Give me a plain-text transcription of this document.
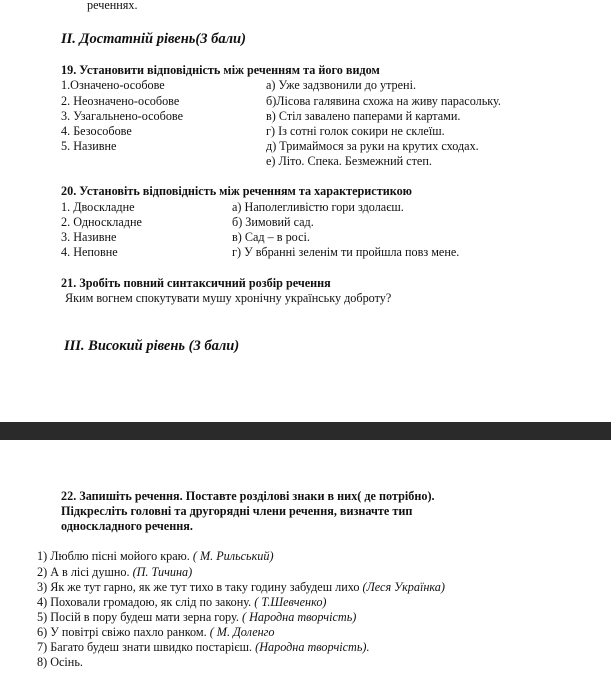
реченнях.
ІІ. Достатній рівень(3 бали)
19. Установити відповідність між реченням та його видом
1.Означено-особове
2. Неозначено-особове
3. Узагальнено-особове
4. Безособове
5. Називне
а) Уже задзвонили до утрені.
б)Лісова галявина схожа на живу парасольку.
в) Стіл завалено паперами й картами.
г) Із сотні голок сокири не склеїш.
д) Тримаймося за руки на крутих сходах.
е) Літо. Спека. Безмежний степ.
20. Установіть відповідність між реченням та характеристикою
1. Двоскладне
2. Односкладне
3. Називне
4. Неповне
а) Наполегливістю гори здолаєш.
б) Зимовий сад.
в) Сад – в росі.
г) У вбранні зеленім ти пройшла повз мене.
21. Зробіть повний синтаксичний розбір речення
Яким вогнем спокутувати мушу хронічну українську доброту?
ІІІ. Високий рівень (3 бали)
22. Запишіть речення. Поставте розділові знаки в них( де потрібно).
Підкресліть головні та другорядні члени речення, визначте тип
односкладного речення.
1) Люблю пісні мойого краю. ( М. Рильський)
2) А в лісі душно. (П. Тичина)
3) Як же тут гарно, як же тут тихо в таку годину забудеш лихо (Леся Українка)
4) Поховали громадою, як слід по закону. ( Т.Шевченко)
5) Посій в пору будеш мати зерна гору. ( Народна творчість)
6) У повітрі свіжо пахло ранком. ( М. Доленго
7) Багато будеш знати швидко постарієш. (Народна творчість).
8) Осінь.
